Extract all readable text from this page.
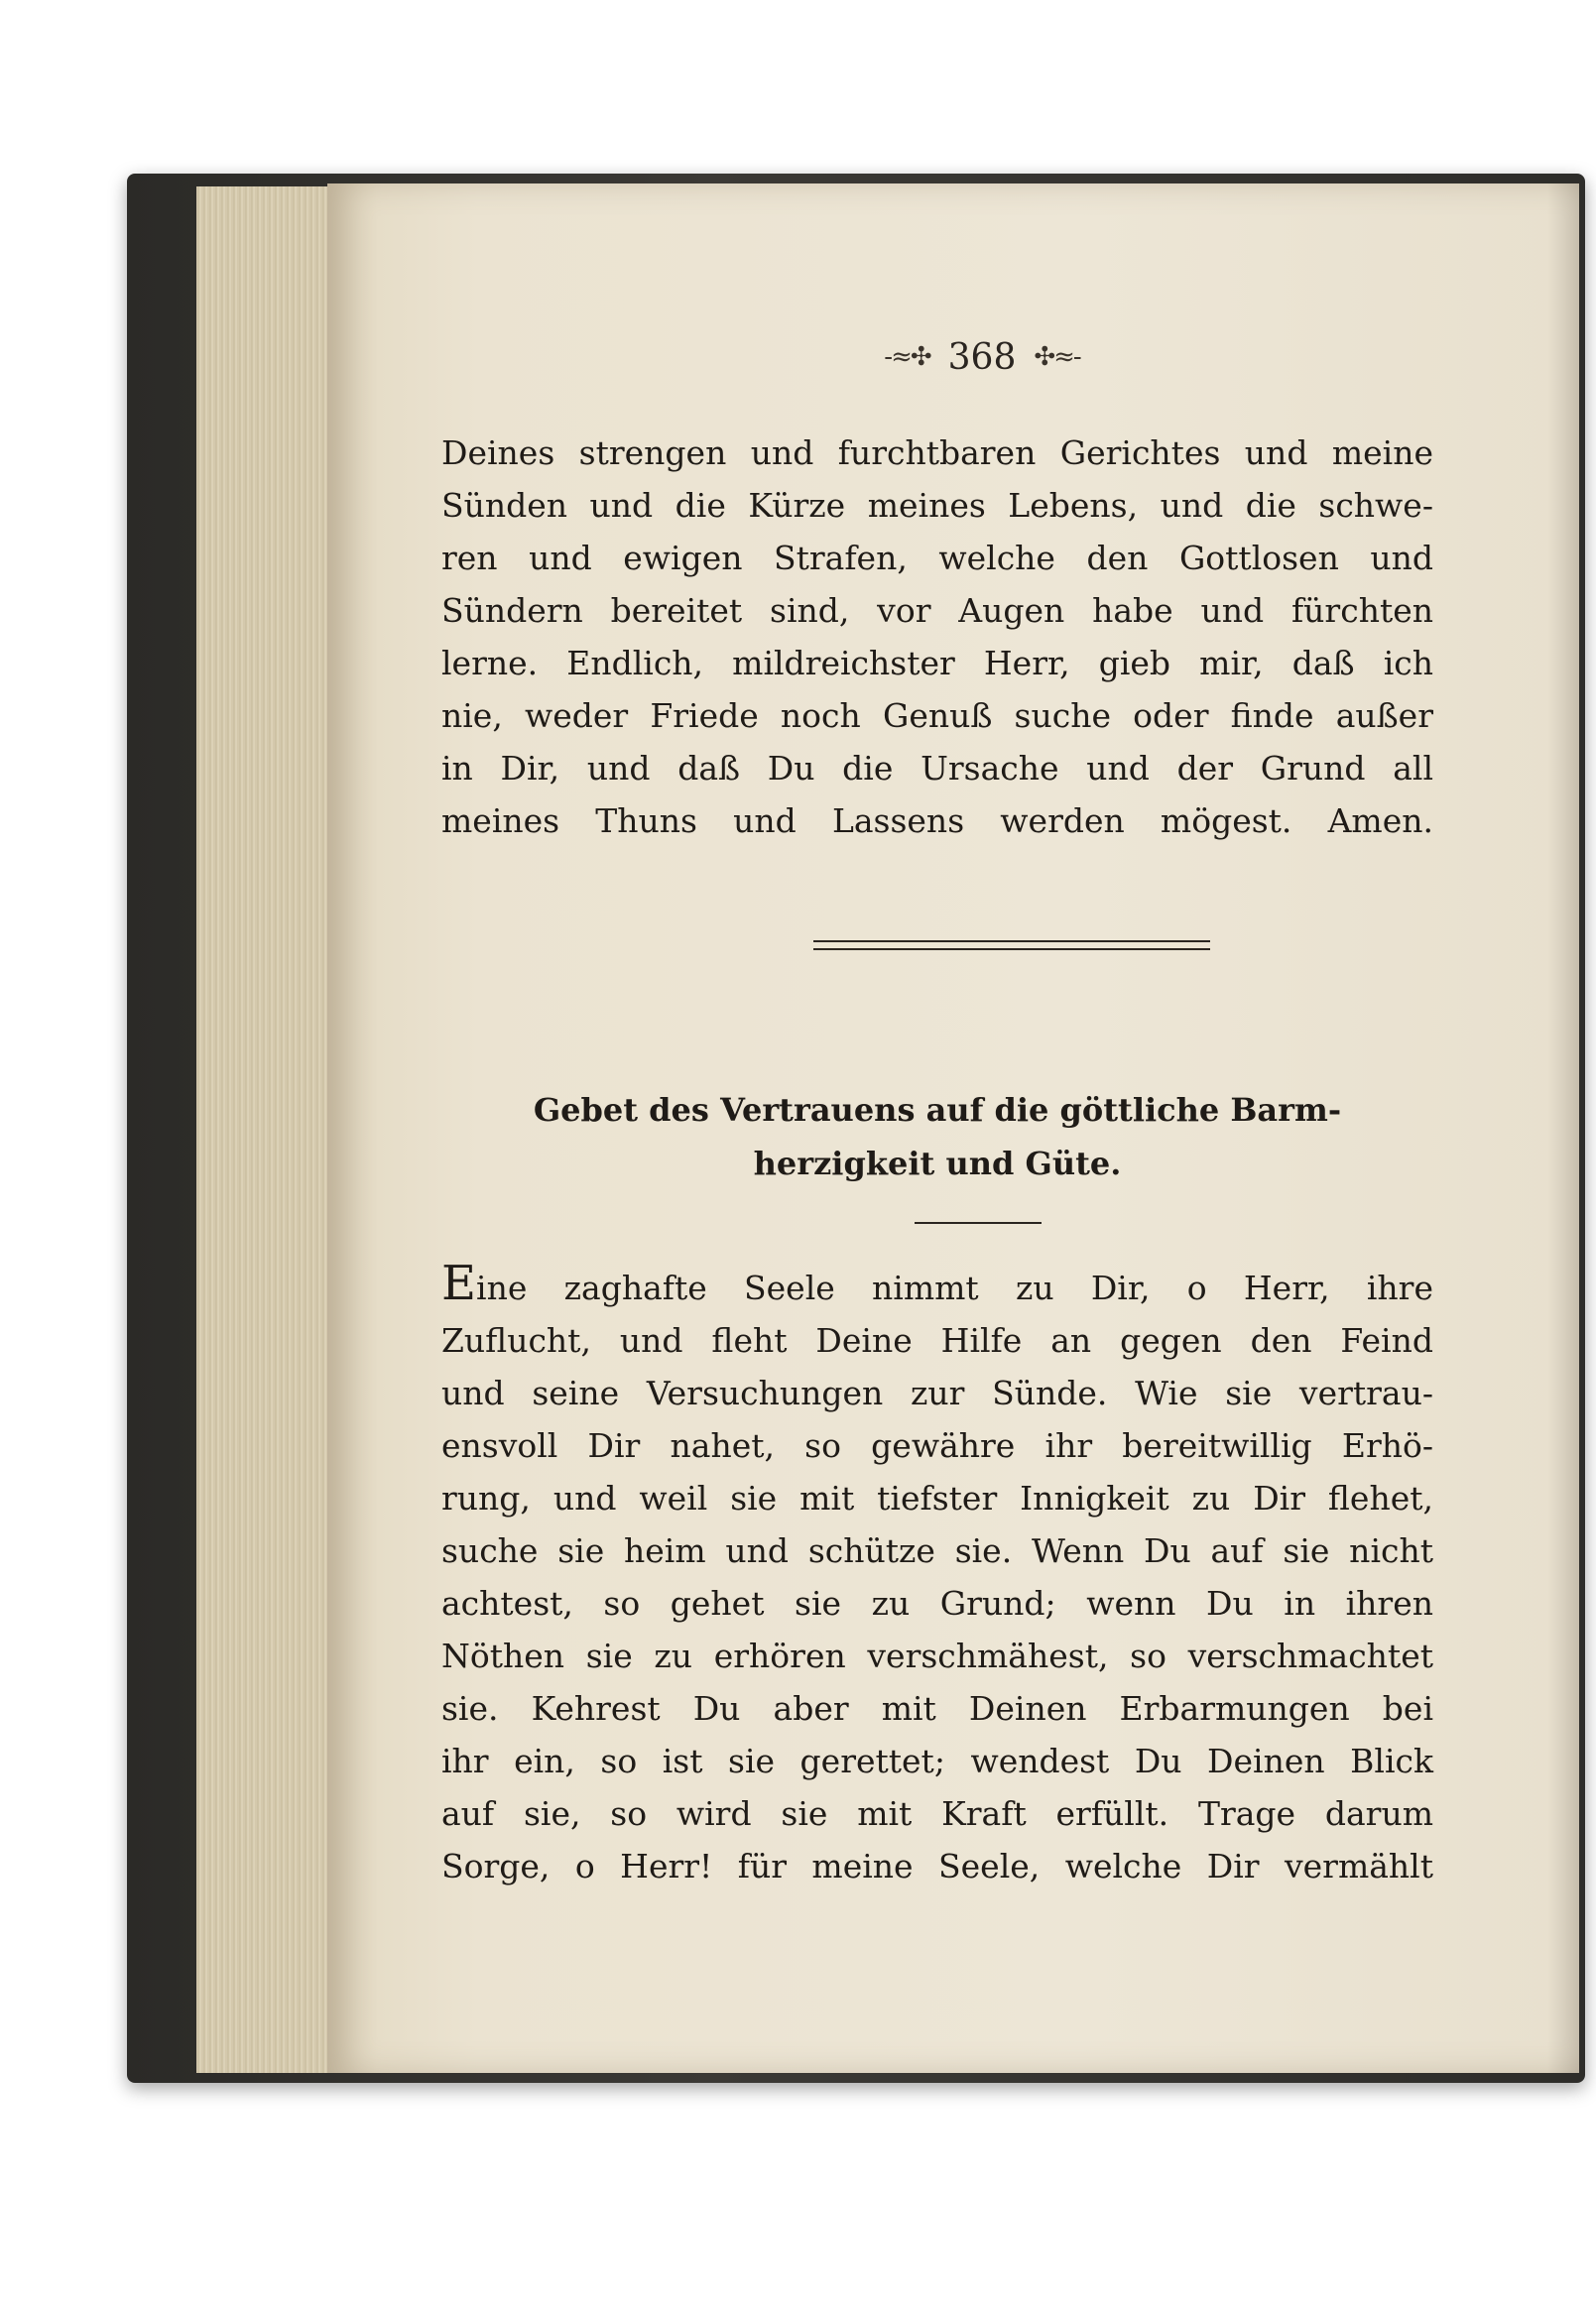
-≈✣ 368 ✣≈-
Deines strengen und furchtbaren Gerichtes und meine
Sünden und die Kürze meines Lebens, und die schwe-
ren und ewigen Strafen, welche den Gottlosen und
Sündern bereitet sind, vor Augen habe und fürchten
lerne. Endlich, mildreichster Herr, gieb mir, daß ich
nie, weder Friede noch Genuß suche oder finde außer
in Dir, und daß Du die Ursache und der Grund all
meines Thuns und Lassens werden mögest. Amen.
Gebet des Vertrauens auf die göttliche Barm-
herzigkeit und Güte.
Eine zaghafte Seele nimmt zu Dir, o Herr, ihre
Zuflucht, und fleht Deine Hilfe an gegen den Feind
und seine Versuchungen zur Sünde. Wie sie vertrau-
ensvoll Dir nahet, so gewähre ihr bereitwillig Erhö-
rung, und weil sie mit tiefster Innigkeit zu Dir flehet,
suche sie heim und schütze sie. Wenn Du auf sie nicht
achtest, so gehet sie zu Grund; wenn Du in ihren
Nöthen sie zu erhören verschmähest, so verschmachtet
sie. Kehrest Du aber mit Deinen Erbarmungen bei
ihr ein, so ist sie gerettet; wendest Du Deinen Blick
auf sie, so wird sie mit Kraft erfüllt. Trage darum
Sorge, o Herr! für meine Seele, welche Dir vermählt
